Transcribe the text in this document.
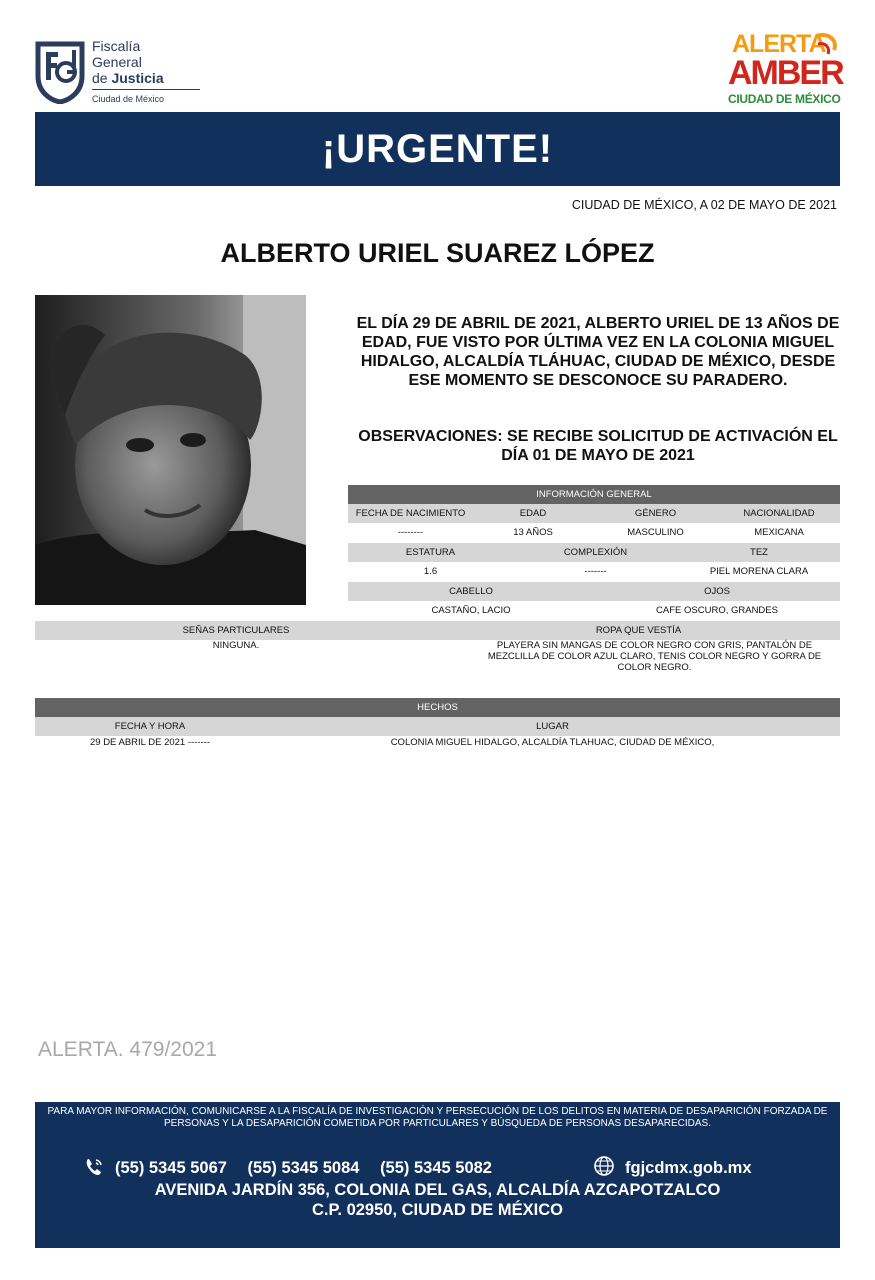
Fiscalía
General
de Justicia
Ciudad de México
ALERTA
AMBER
CIUDAD DE MÉXICO
¡URGENTE!
CIUDAD DE MÉXICO, A 02 DE MAYO DE 2021
ALBERTO URIEL SUAREZ LÓPEZ
EL DÍA 29 DE ABRIL DE 2021, ALBERTO URIEL DE 13 AÑOS DE EDAD, FUE VISTO POR ÚLTIMA VEZ EN LA COLONIA MIGUEL HIDALGO, ALCALDÍA TLÁHUAC, CIUDAD DE MÉXICO, DESDE ESE MOMENTO SE DESCONOCE SU PARADERO.
OBSERVACIONES: SE RECIBE SOLICITUD DE ACTIVACIÓN EL DÍA 01 DE MAYO DE 2021
INFORMACIÓN GENERAL
FECHA DE NACIMIENTO	EDAD	GÉNERO	NACIONALIDAD
--------	13 AÑOS	MASCULINO	MEXICANA
ESTATURA	COMPLEXIÓN	TEZ
1.6	-------	PIEL MORENA CLARA
CABELLO	OJOS
CASTAÑO, LACIO	CAFE OSCURO, GRANDES
SEÑAS PARTICULARES	ROPA QUE VESTÍA
NINGUNA.	PLAYERA SIN MANGAS DE COLOR NEGRO CON GRIS, PANTALÓN DE MEZCLILLA DE COLOR AZUL CLARO, TENIS COLOR NEGRO Y GORRA DE COLOR NEGRO.
HECHOS
FECHA Y HORA	LUGAR
29 DE ABRIL DE 2021 -------	COLONIA MIGUEL HIDALGO, ALCALDÍA TLAHUAC, CIUDAD DE MÉXICO,
ALERTA. 479/2021
PARA MAYOR INFORMACIÓN, COMUNICARSE A LA FISCALÍA DE INVESTIGACIÓN Y PERSECUCIÓN DE LOS DELITOS EN MATERIA DE DESAPARICIÓN FORZADA DE PERSONAS Y LA DESAPARICIÓN COMETIDA POR PARTICULARES Y BÚSQUEDA DE PERSONAS DESAPARECIDAS.
(55) 5345 5067 (55) 5345 5084 (55) 5345 5082	fgjcdmx.gob.mx
AVENIDA JARDÍN 356, COLONIA DEL GAS, ALCALDÍA AZCAPOTZALCO
C.P. 02950, CIUDAD DE MÉXICO
